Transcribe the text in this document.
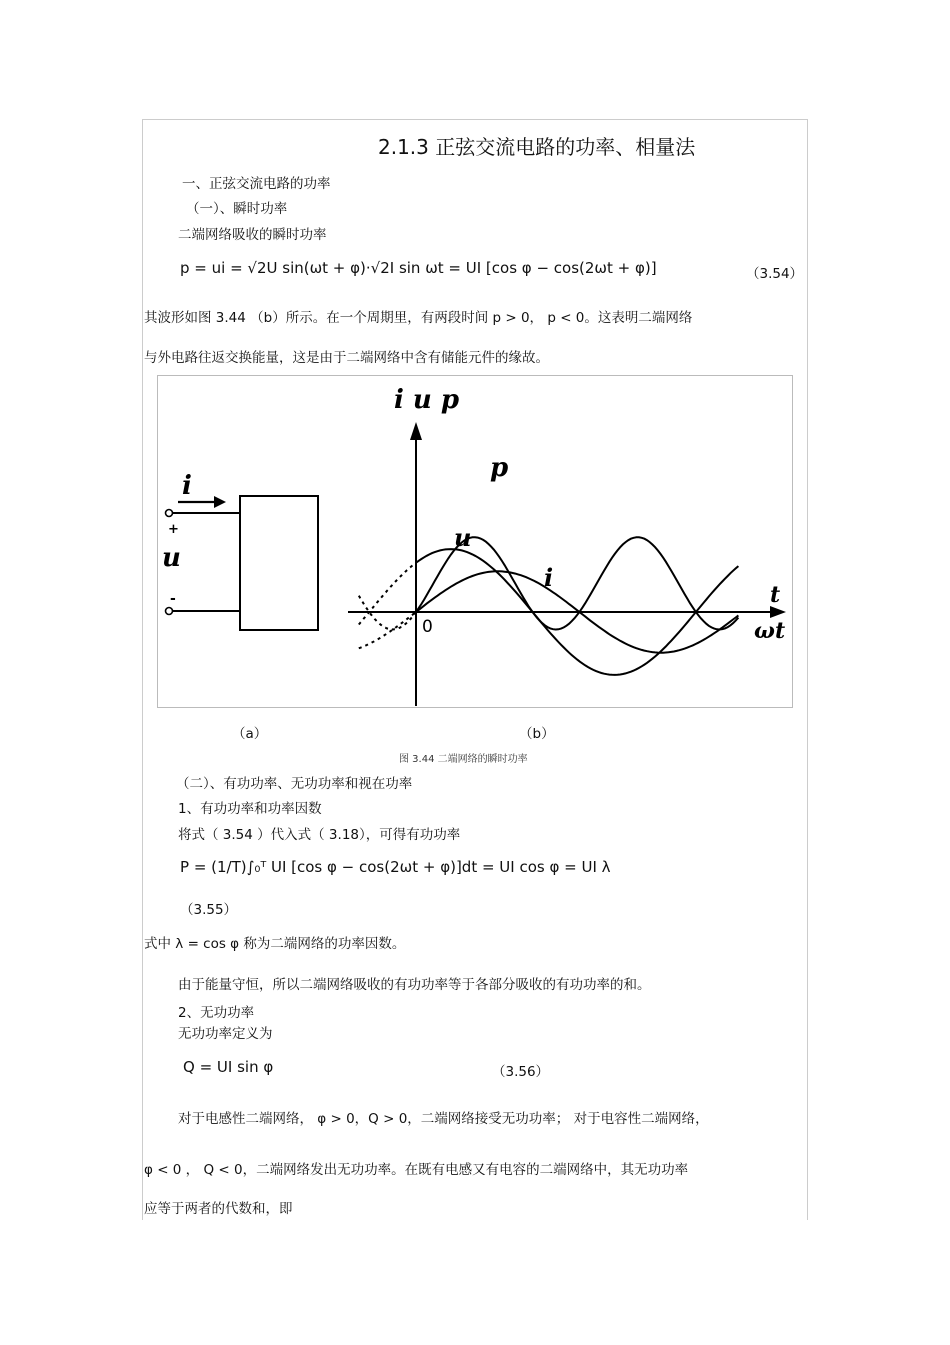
2.1.3 正弦交流电路的功率、相量法
一、正弦交流电路的功率
（一）、瞬时功率
二端网络吸收的瞬时功率
p = ui = √2U sin(ωt + φ)·√2I sin ωt = UI [cos φ − cos(2ωt + φ)]	（3.54）
其波形如图 3.44 （b）所示。在一个周期里，有两段时间 p > 0， p < 0。这表明二端网络
与外电路往返交换能量，这是由于二端网络中含有储能元件的缘故。
i
u
+
-
i u p
0
t
ωt
p
u
i
（a）	（b）
图 3.44 二端网络的瞬时功率
（二）、有功功率、无功功率和视在功率
1、有功功率和功率因数
将式（ 3.54 ）代入式（ 3.18），可得有功功率
P = (1/T)∫₀ᵀ UI [cos φ − cos(2ωt + φ)]dt = UI cos φ = UI λ
（3.55）
式中 λ = cos φ 称为二端网络的功率因数。
由于能量守恒，所以二端网络吸收的有功功率等于各部分吸收的有功功率的和。
2、无功功率
无功功率定义为
Q = UI sin φ	（3.56）
对于电感性二端网络， φ > 0，Q > 0，二端网络接受无功功率； 对于电容性二端网络，
φ < 0 ， Q < 0，二端网络发出无功功率。在既有电感又有电容的二端网络中，其无功功率
应等于两者的代数和，即
